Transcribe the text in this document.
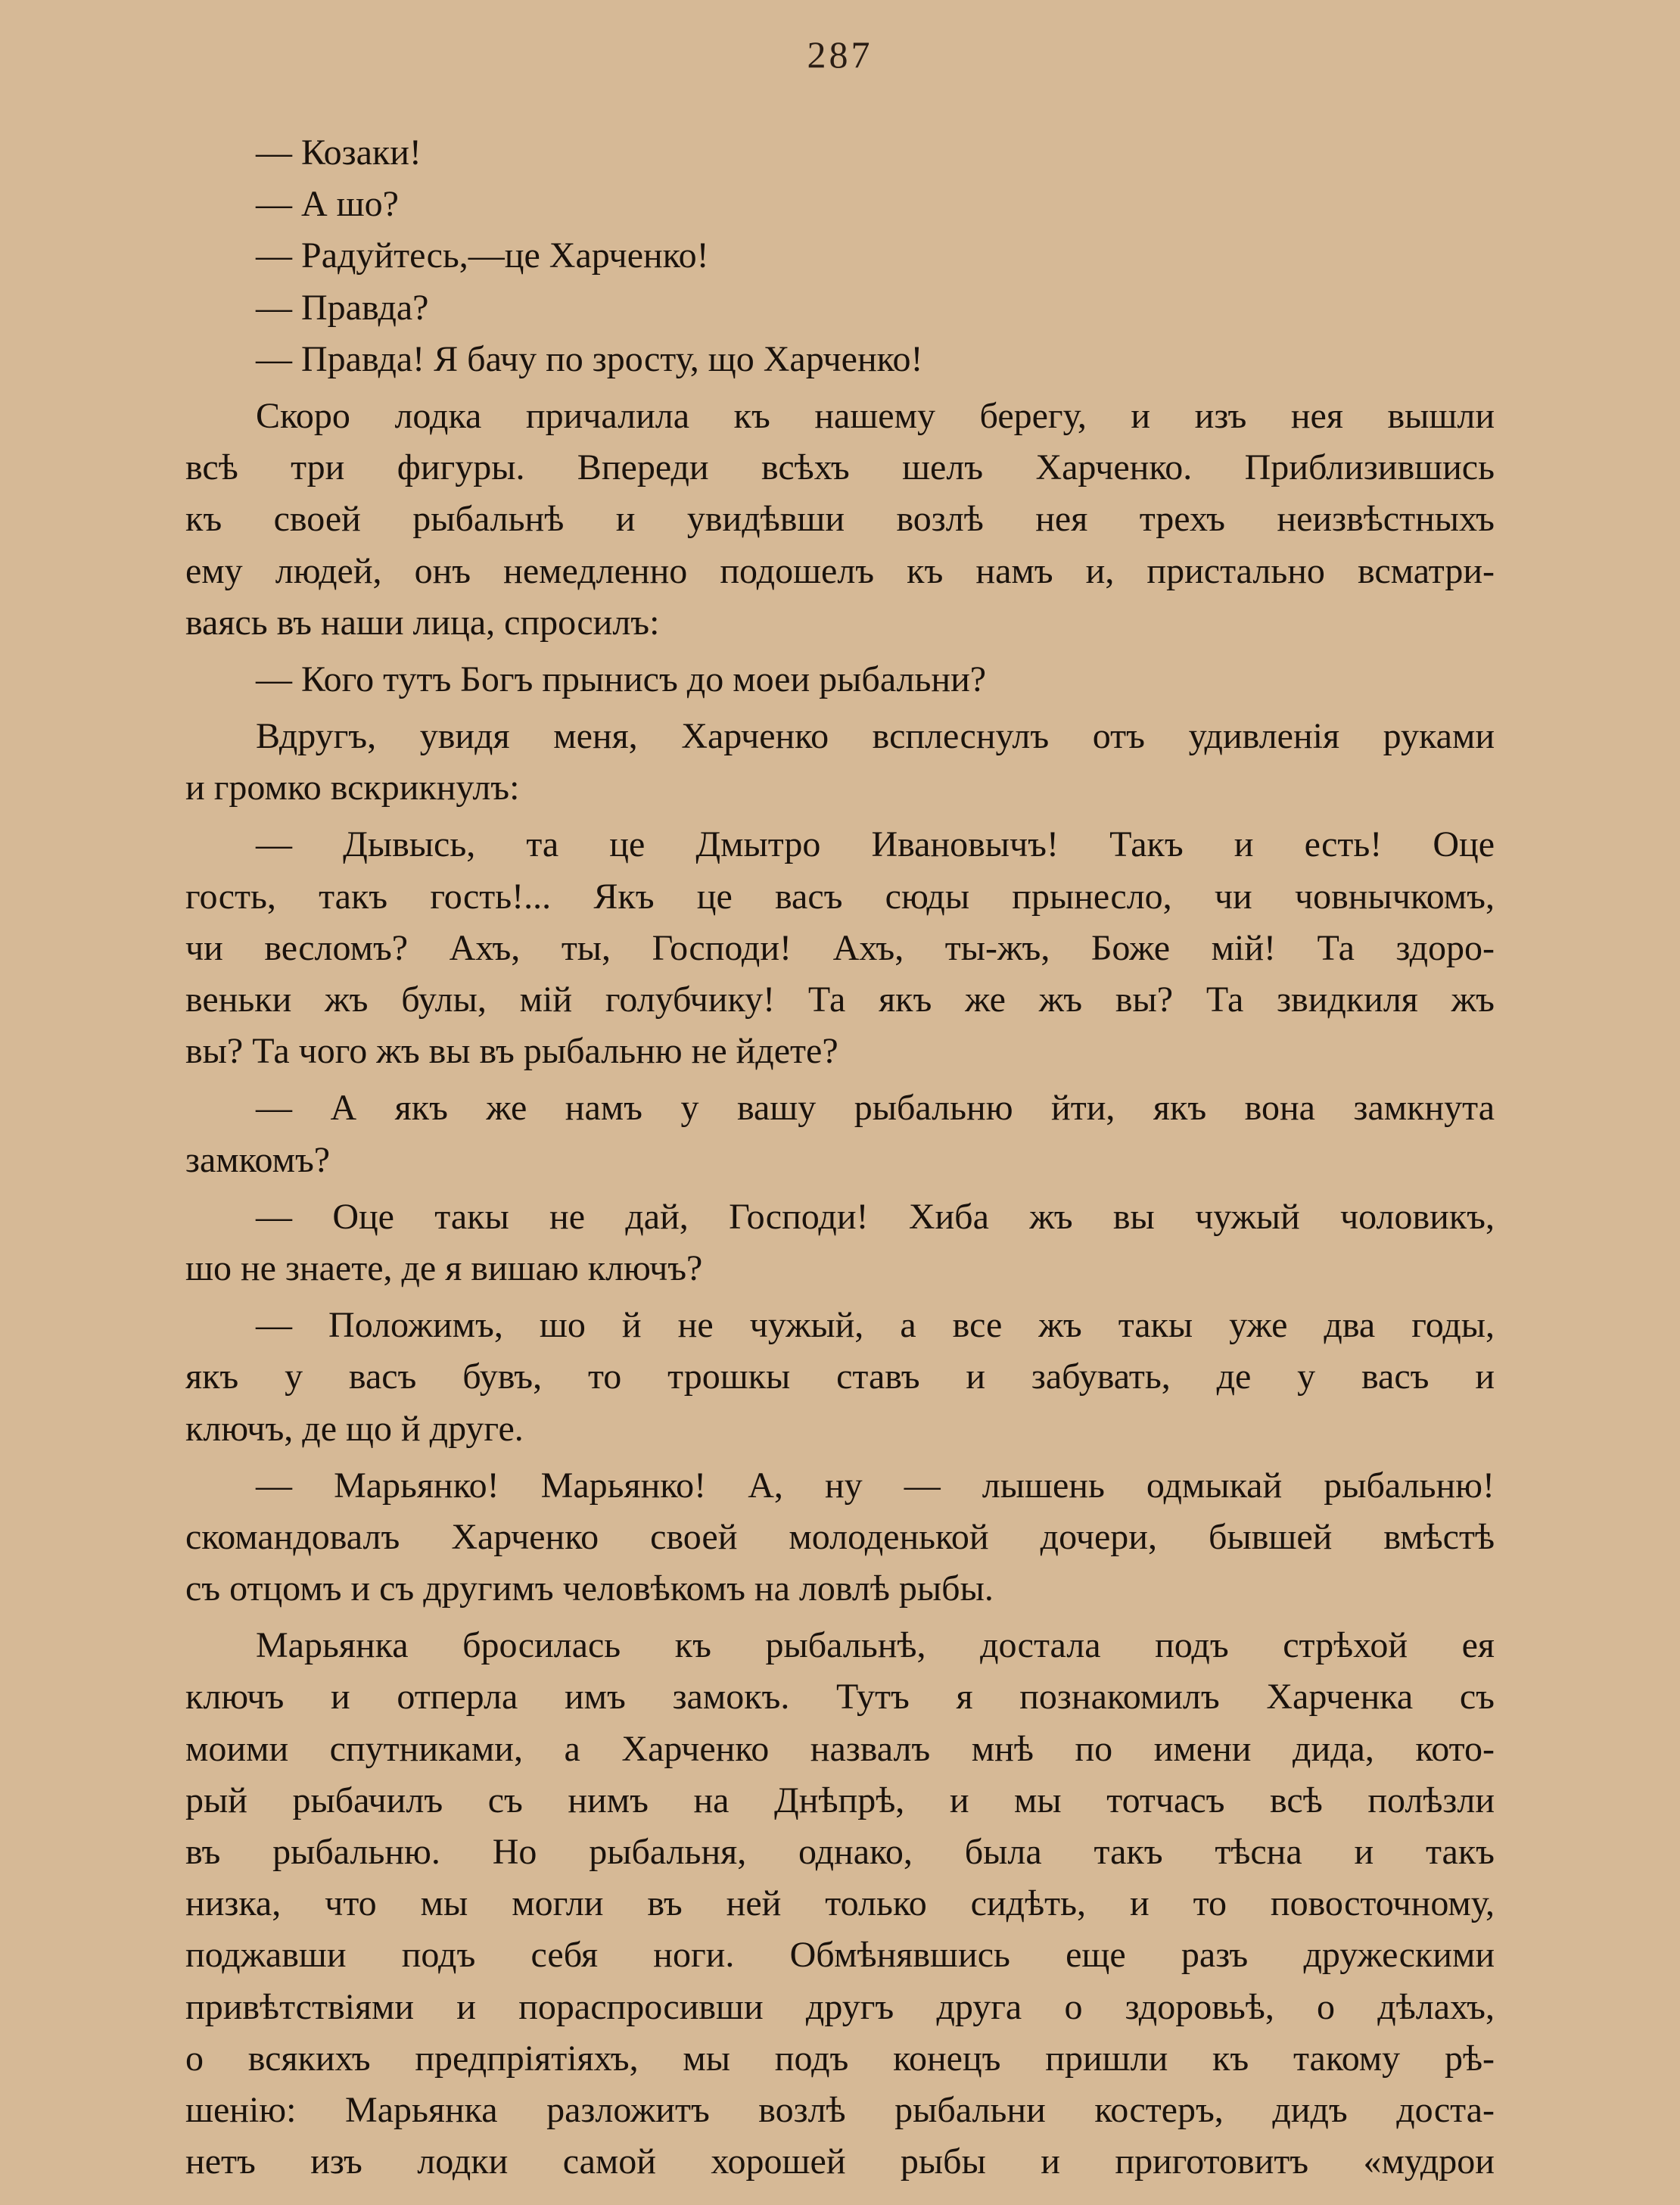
287
— Козаки!
— А шо?
— Радуйтесь,—це Харченко!
— Правда?
— Правда! Я бачу по зросту, що Харченко!
Скоро лодка причалила къ нашему берегу, и изъ нея вышли
всѣ три фигуры. Впереди всѣхъ шелъ Харченко. Приблизившись
къ своей рыбальнѣ и увидѣвши возлѣ нея трехъ неизвѣстныхъ
ему людей, онъ немедленно подошелъ къ намъ и, пристально всматри-
ваясь въ наши лица, спросилъ:
— Кого тутъ Богъ прынисъ до моеи рыбальни?
Вдругъ, увидя меня, Харченко всплеснулъ отъ удивленія руками
и громко вскрикнулъ:
— Дывысь, та це Дмытро Ивановычъ! Такъ и есть! Оце
гость, такъ гость!... Якъ це васъ сюды прынесло, чи човнычкомъ,
чи весломъ? Ахъ, ты, Господи! Ахъ, ты-жъ, Боже мій! Та здоро-
веньки жъ булы, мій голубчику! Та якъ же жъ вы? Та звидкиля жъ
вы? Та чого жъ вы въ рыбальню не йдете?
— А якъ же намъ у вашу рыбальню йти, якъ вона замкнута
замкомъ?
— Оце такы не дай, Господи! Хиба жъ вы чужый чоловикъ,
шо не знаете, де я вишаю ключъ?
— Положимъ, шо й не чужый, а все жъ такы уже два годы,
якъ у васъ бувъ, то трошкы ставъ и забувать, де у васъ и
ключъ, де що й друге.
— Марьянко! Марьянко! А, ну — лышень одмыкай рыбальню!
скомандовалъ Харченко своей молоденькой дочери, бывшей вмѣстѣ
съ отцомъ и съ другимъ человѣкомъ на ловлѣ рыбы.
Марьянка бросилась къ рыбальнѣ, достала подъ стрѣхой ея
ключъ и отперла имъ замокъ. Тутъ я познакомилъ Харченка съ
моими спутниками, а Харченко назвалъ мнѣ по имени дида, кото-
рый рыбачилъ съ нимъ на Днѣпрѣ, и мы тотчасъ всѣ полѣзли
въ рыбальню. Но рыбальня, однако, была такъ тѣсна и такъ
низка, что мы могли въ ней только сидѣть, и то повосточному,
поджавши подъ себя ноги. Обмѣнявшись еще разъ дружескими
привѣтствіями и пораспросивши другъ друга о здоровьѣ, о дѣлахъ,
о всякихъ предпріятіяхъ, мы подъ конецъ пришли къ такому рѣ-
шенію: Марьянка разложитъ возлѣ рыбальни костеръ, дидъ доста-
нетъ изъ лодки самой хорошей рыбы и приготовитъ «мудрои
